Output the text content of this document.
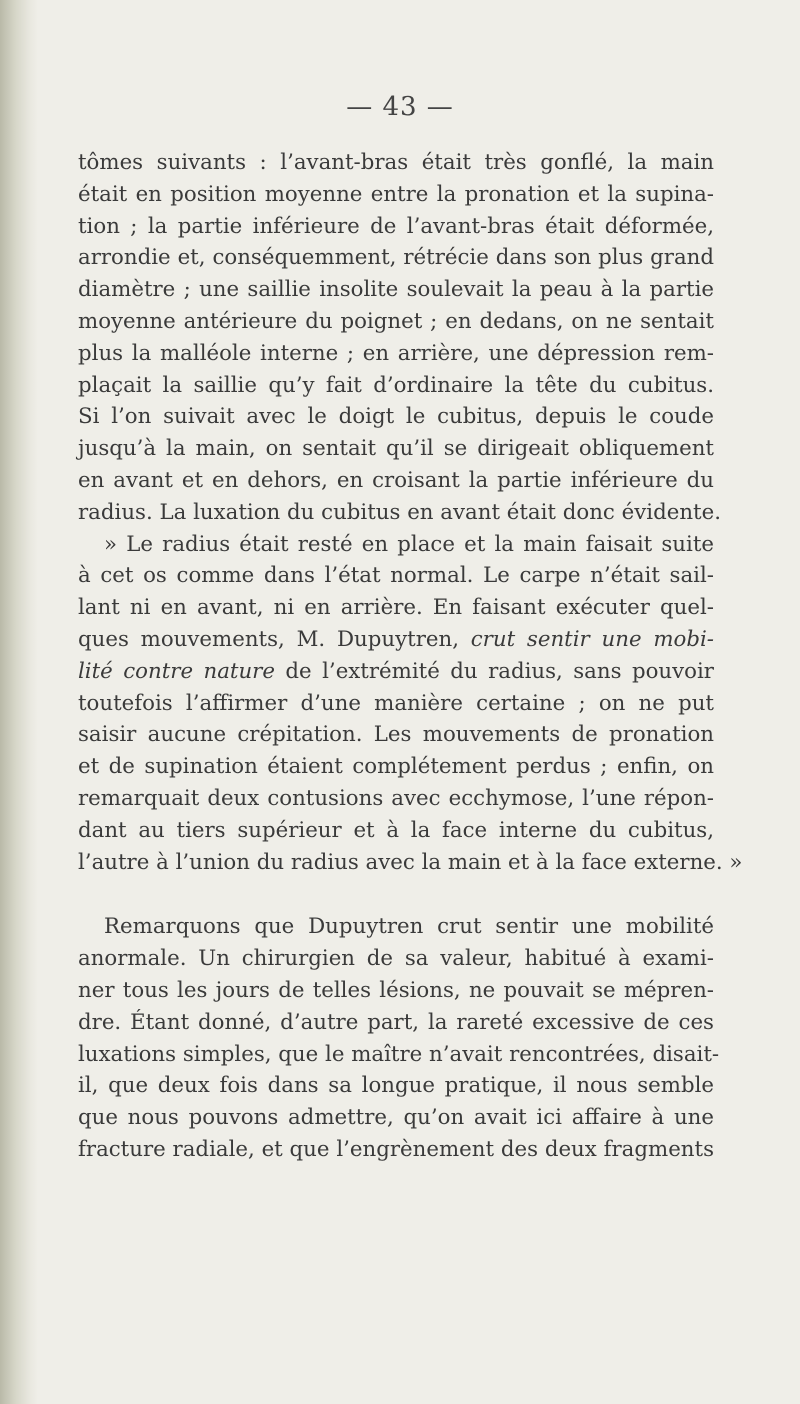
— 43 —
tômes suivants : l’avant-bras était très gonflé, la main
était en position moyenne entre la pronation et la supina-
tion ; la partie inférieure de l’avant-bras était déformée,
arrondie et, conséquemment, rétrécie dans son plus grand
diamètre ; une saillie insolite soulevait la peau à la partie
moyenne antérieure du poignet ; en dedans, on ne sentait
plus la malléole interne ; en arrière, une dépression rem-
plaçait la saillie qu’y fait d’ordinaire la tête du cubitus.
Si l’on suivait avec le doigt le cubitus, depuis le coude
jusqu’à la main, on sentait qu’il se dirigeait obliquement
en avant et en dehors, en croisant la partie inférieure du
radius. La luxation du cubitus en avant était donc évidente.
» Le radius était resté en place et la main faisait suite
à cet os comme dans l’état normal. Le carpe n’était sail-
lant ni en avant, ni en arrière. En faisant exécuter quel-
ques mouvements, M. Dupuytren, crut sentir une mobi-
lité contre nature de l’extrémité du radius, sans pouvoir
toutefois l’affirmer d’une manière certaine ; on ne put
saisir aucune crépitation. Les mouvements de pronation
et de supination étaient complétement perdus ; enfin, on
remarquait deux contusions avec ecchymose, l’une répon-
dant au tiers supérieur et à la face interne du cubitus,
l’autre à l’union du radius avec la main et à la face externe. »
Remarquons que Dupuytren crut sentir une mobilité
anormale. Un chirurgien de sa valeur, habitué à exami-
ner tous les jours de telles lésions, ne pouvait se mépren-
dre. Étant donné, d’autre part, la rareté excessive de ces
luxations simples, que le maître n’avait rencontrées, disait-
il, que deux fois dans sa longue pratique, il nous semble
que nous pouvons admettre, qu’on avait ici affaire à une
fracture radiale, et que l’engrènement des deux fragments
